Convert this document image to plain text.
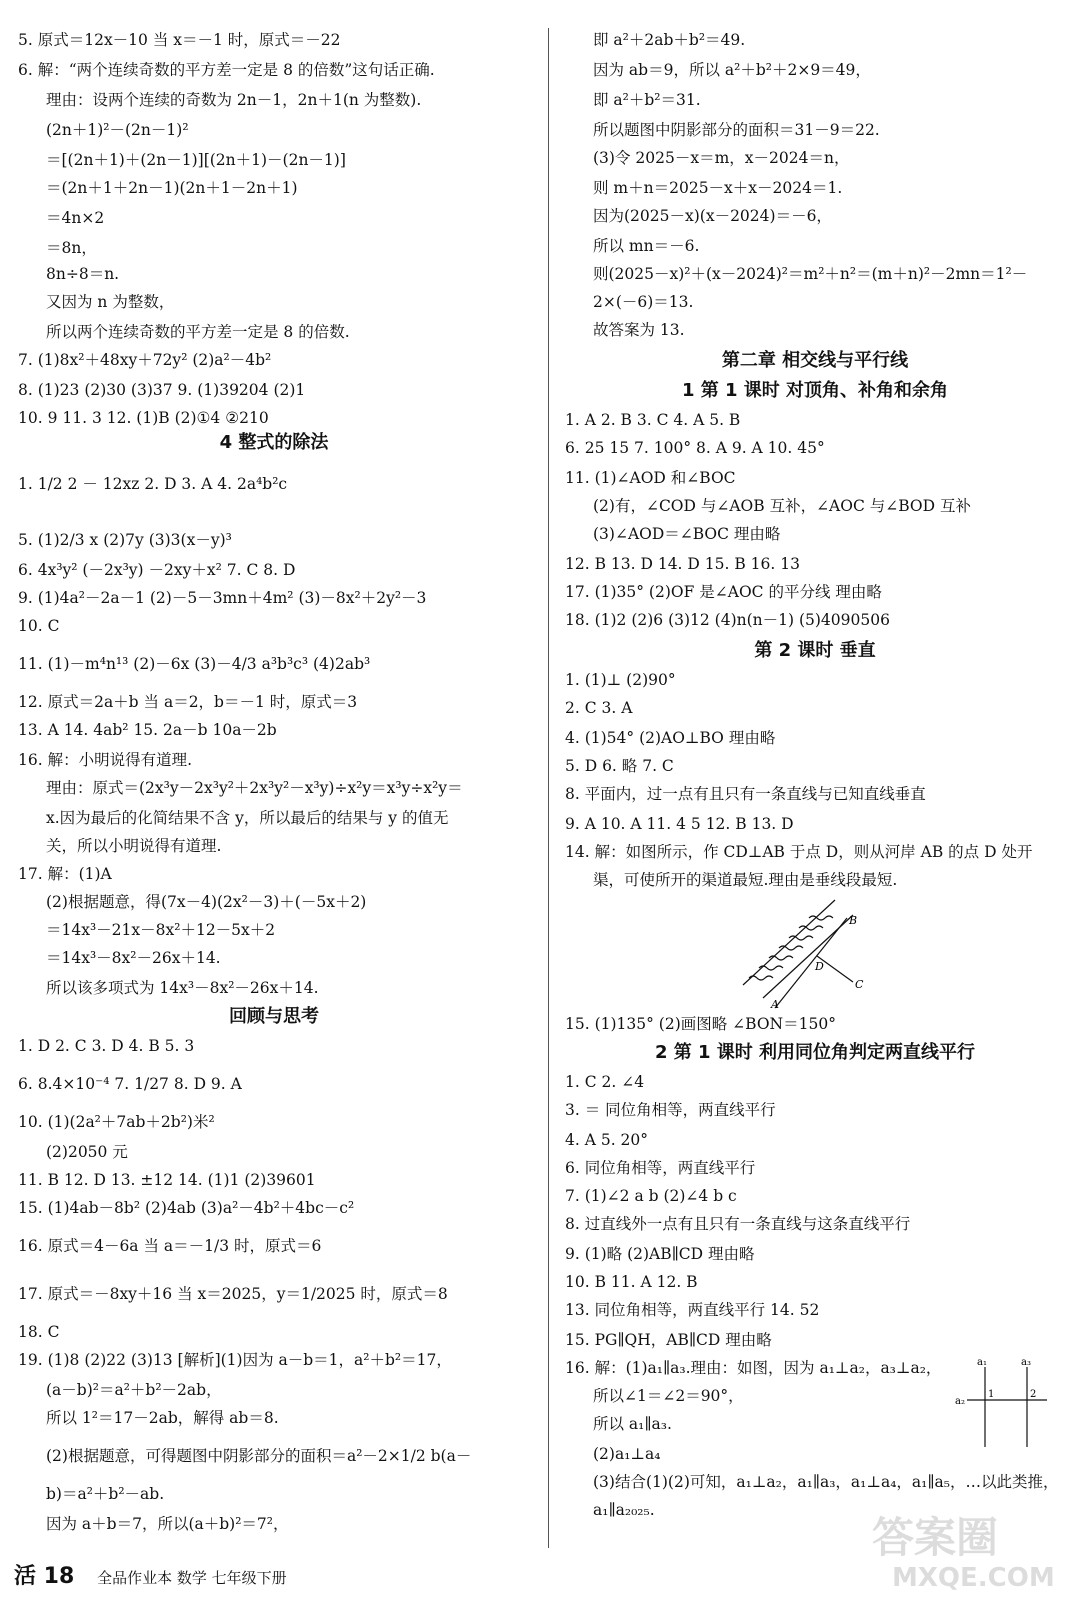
5. 原式＝12x－10 当 x＝－1 时，原式＝－22
6. 解：“两个连续奇数的平方差一定是 8 的倍数”这句话正确.
理由：设两个连续的奇数为 2n－1，2n＋1(n 为整数).
(2n＋1)²－(2n－1)²
＝[(2n＋1)＋(2n－1)][(2n＋1)－(2n－1)]
＝(2n＋1＋2n－1)(2n＋1－2n＋1)
＝4n×2
＝8n，
8n÷8＝n.
又因为 n 为整数，
所以两个连续奇数的平方差一定是 8 的倍数.
7. (1)8x²＋48xy＋72y² (2)a²－4b²
8. (1)23 (2)30 (3)37 9. (1)39204 (2)1
10. 9 11. 3 12. (1)B (2)①4 ②210
1. 1/2 2 － 12xz 2. D 3. A 4. 2a⁴b²c
5. (1)2/3 x (2)7y (3)3(x－y)³
6. 4x³y² (－2x³y) －2xy＋x² 7. C 8. D
9. (1)4a²－2a－1 (2)－5－3mn＋4m² (3)－8x²＋2y²－3
10. C
11. (1)－m⁴n¹³ (2)－6x (3)－4/3 a³b³c³ (4)2ab³
12. 原式＝2a＋b 当 a＝2，b＝－1 时，原式＝3
13. A 14. 4ab² 15. 2a－b 10a－2b
16. 解：小明说得有道理.
理由：原式＝(2x³y－2x³y²＋2x³y²－x³y)÷x²y＝x³y÷x²y＝
x.因为最后的化简结果不含 y，所以最后的结果与 y 的值无
关，所以小明说得有道理.
17. 解：(1)A
(2)根据题意，得(7x－4)(2x²－3)＋(－5x＋2)
＝14x³－21x－8x²＋12－5x＋2
＝14x³－8x²－26x＋14.
所以该多项式为 14x³－8x²－26x＋14.
1. D 2. C 3. D 4. B 5. 3
6. 8.4×10⁻⁴ 7. 1/27 8. D 9. A
10. (1)(2a²＋7ab＋2b²)米²
(2)2050 元
11. B 12. D 13. ±12 14. (1)1 (2)39601
15. (1)4ab－8b² (2)4ab (3)a²－4b²＋4bc－c²
16. 原式＝4－6a 当 a＝－1/3 时，原式＝6
17. 原式＝－8xy＋16 当 x＝2025，y＝1/2025 时，原式＝8
18. C
19. (1)8 (2)22 (3)13 [解析](1)因为 a－b＝1，a²＋b²＝17，
(a－b)²＝a²＋b²－2ab，
所以 1²＝17－2ab，解得 ab＝8.
(2)根据题意，可得题图中阴影部分的面积＝a²－2×1/2 b(a－
b)＝a²＋b²－ab.
因为 a＋b＝7，所以(a＋b)²＝7²，
4 整式的除法
回顾与思考
即 a²＋2ab＋b²＝49.
因为 ab＝9，所以 a²＋b²＋2×9＝49，
即 a²＋b²＝31.
所以题图中阴影部分的面积＝31－9＝22.
(3)令 2025－x＝m，x－2024＝n，
则 m＋n＝2025－x＋x－2024＝1.
因为(2025－x)(x－2024)＝－6，
所以 mn＝－6.
则(2025－x)²＋(x－2024)²＝m²＋n²＝(m＋n)²－2mn＝1²－
2×(－6)＝13.
故答案为 13.
1. A 2. B 3. C 4. A 5. B
6. 25 15 7. 100° 8. A 9. A 10. 45°
11. (1)∠AOD 和∠BOC
(2)有，∠COD 与∠AOB 互补，∠AOC 与∠BOD 互补
(3)∠AOD＝∠BOC 理由略
12. B 13. D 14. D 15. B 16. 13
17. (1)35° (2)OF 是∠AOC 的平分线 理由略
18. (1)2 (2)6 (3)12 (4)n(n－1) (5)4090506
1. (1)⊥ (2)90°
2. C 3. A
4. (1)54° (2)AO⊥BO 理由略
5. D 6. 略 7. C
8. 平面内，过一点有且只有一条直线与已知直线垂直
9. A 10. A 11. 4 5 12. B 13. D
14. 解：如图所示，作 CD⊥AB 于点 D，则从河岸 AB 的点 D 处开
渠，可使所开的渠道最短.理由是垂线段最短.
15. (1)135° (2)画图略 ∠BON＝150°
1. C 2. ∠4
3. ＝ 同位角相等，两直线平行
4. A 5. 20°
6. 同位角相等，两直线平行
7. (1)∠2 a b (2)∠4 b c
8. 过直线外一点有且只有一条直线与这条直线平行
9. (1)略 (2)AB∥CD 理由略
10. B 11. A 12. B
13. 同位角相等，两直线平行 14. 52
15. PG∥QH，AB∥CD 理由略
16. 解：(1)a₁∥a₃.理由：如图，因为 a₁⊥a₂，a₃⊥a₂，
所以∠1＝∠2＝90°，
所以 a₁∥a₃.
(2)a₁⊥a₄
(3)结合(1)(2)可知，a₁⊥a₂，a₁∥a₃，a₁⊥a₄，a₁∥a₅，…以此类推，
a₁∥a₂₀₂₅.
第二章 相交线与平行线
1 第 1 课时 对顶角、补角和余角
第 2 课时 垂直
2 第 1 课时 利用同位角判定两直线平行
B
D
C
A
a₁	a₃
a₂
1	2
活 18 全品作业本 数学 七年级下册
答案圈
MXQE.COM
